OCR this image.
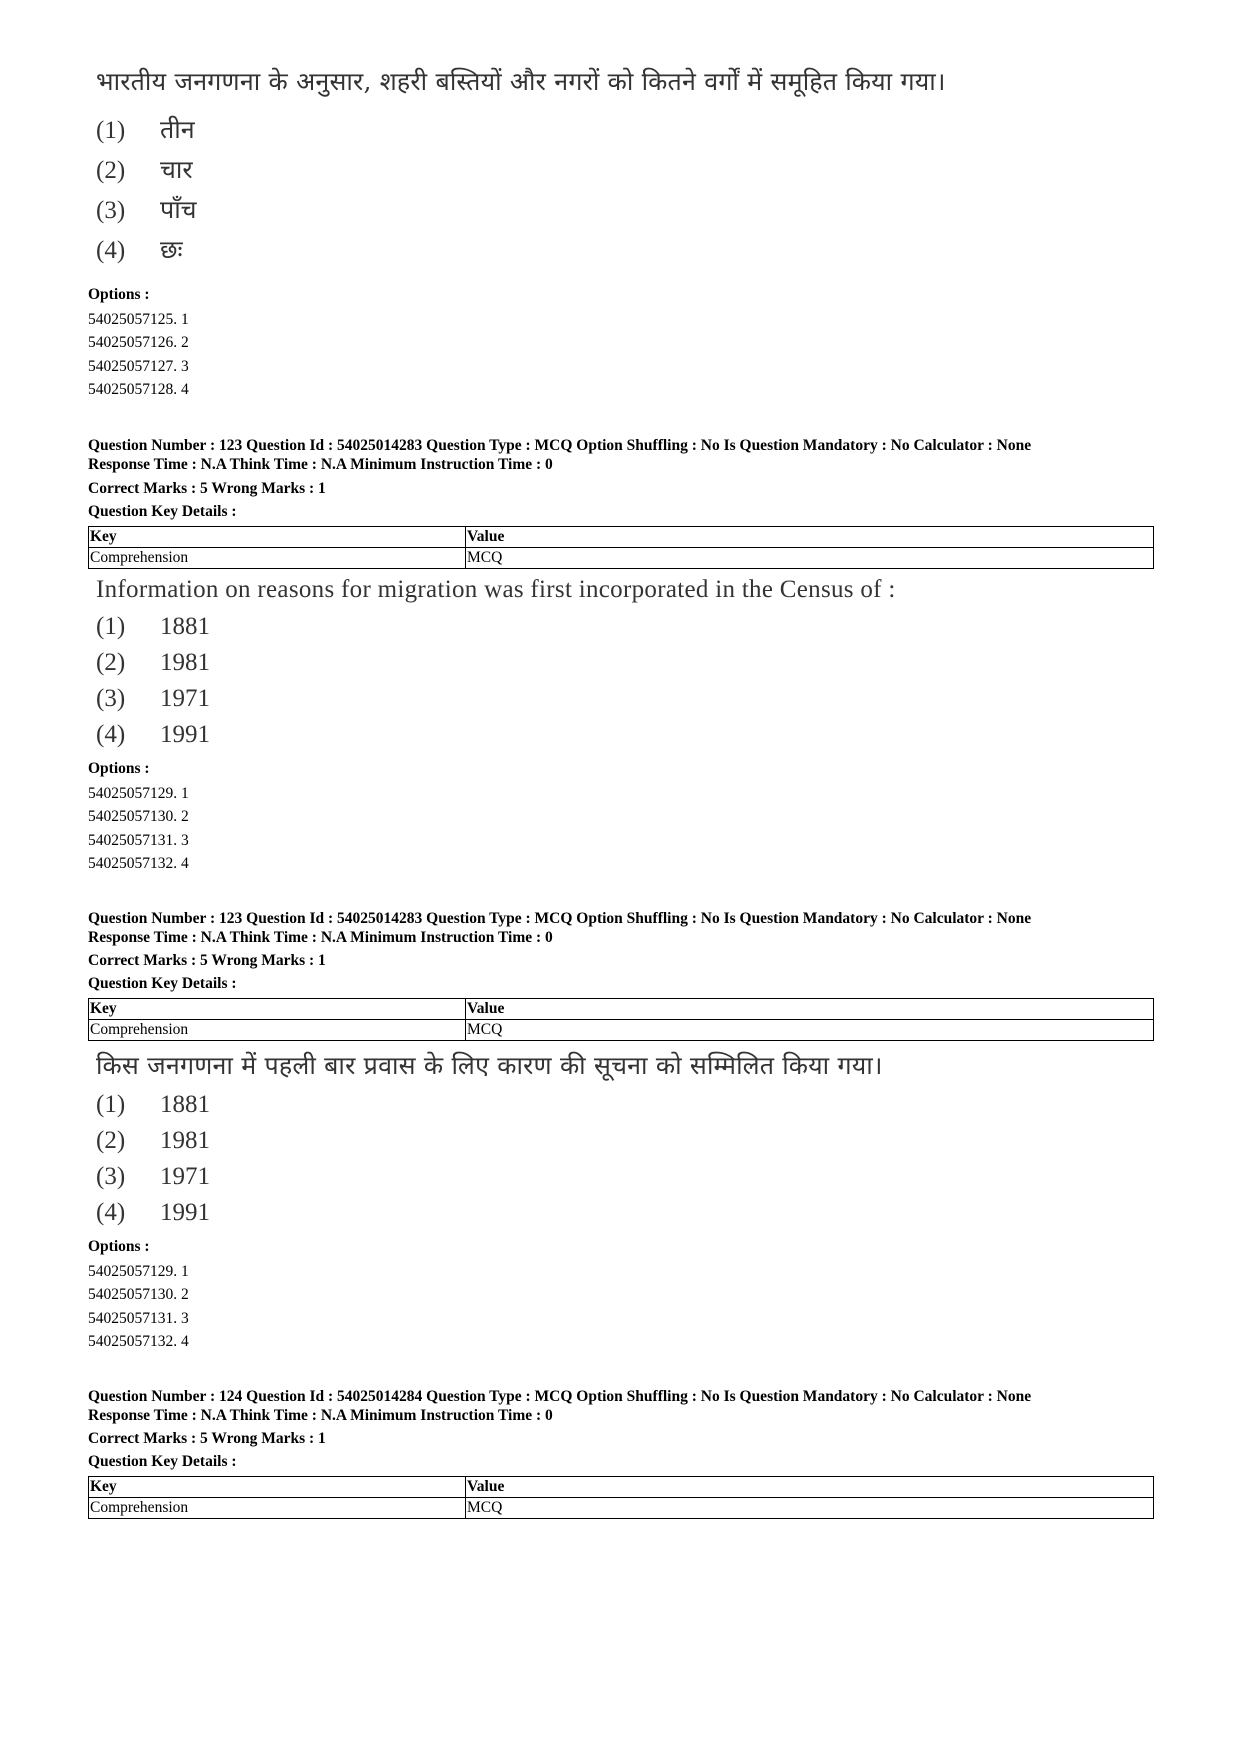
भारतीय जनगणना के अनुसार, शहरी बस्तियों और नगरों को कितने वर्गों में समूहित किया गया।
(1) तीन
(2) चार
(3) पाँच
(4) छः
Options :
54025057125. 1
54025057126. 2
54025057127. 3
54025057128. 4
Question Number : 123 Question Id : 54025014283 Question Type : MCQ Option Shuffling : No Is Question Mandatory : No Calculator : None
Response Time : N.A Think Time : N.A Minimum Instruction Time : 0
Correct Marks : 5 Wrong Marks : 1
Question Key Details :
Key	Value
Comprehension	MCQ
Information on reasons for migration was first incorporated in the Census of :
(1) 1881
(2) 1981
(3) 1971
(4) 1991
Options :
54025057129. 1
54025057130. 2
54025057131. 3
54025057132. 4
Question Number : 123 Question Id : 54025014283 Question Type : MCQ Option Shuffling : No Is Question Mandatory : No Calculator : None
Response Time : N.A Think Time : N.A Minimum Instruction Time : 0
Correct Marks : 5 Wrong Marks : 1
Question Key Details :
Key	Value
Comprehension	MCQ
किस जनगणना में पहली बार प्रवास के लिए कारण की सूचना को सम्मिलित किया गया।
(1) 1881
(2) 1981
(3) 1971
(4) 1991
Options :
54025057129. 1
54025057130. 2
54025057131. 3
54025057132. 4
Question Number : 124 Question Id : 54025014284 Question Type : MCQ Option Shuffling : No Is Question Mandatory : No Calculator : None
Response Time : N.A Think Time : N.A Minimum Instruction Time : 0
Correct Marks : 5 Wrong Marks : 1
Question Key Details :
Key	Value
Comprehension	MCQ
